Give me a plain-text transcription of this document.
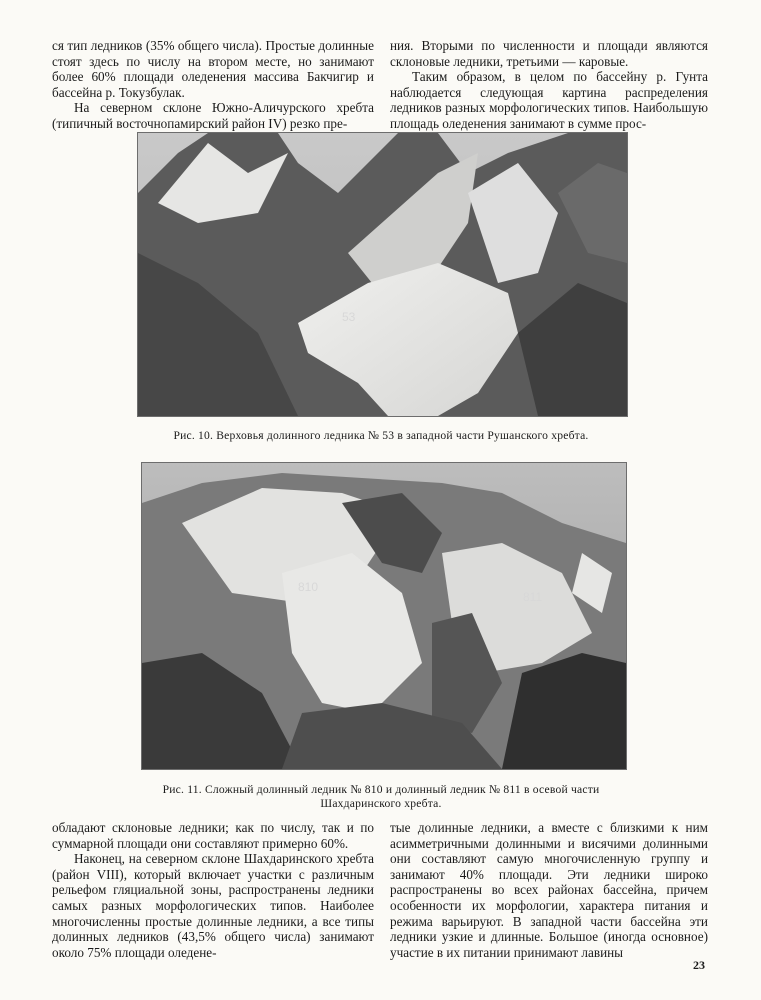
ся тип ледников (35% общего числа). Простые долинные стоят здесь по числу на втором месте, но занимают более 60% площади оледенения массива Бакчигир и бассейна р. Токузбулак.

На северном склоне Южно-Аличурского хребта (типичный восточнопамирский район IV) резко пре-

ния. Вторыми по численности и площади являются склоновые ледники, третьими — каровые.

Таким образом, в целом по бассейну р. Гунта наблюдается следующая картина распределения ледников разных морфологических типов. Наибольшую площадь оледенения занимают в сумме прос-

53
Рис. 10. Верховья долинного ледника № 53 в западной части Рушанского хребта.
810
811
Рис. 11. Сложный долинный ледник № 810 и долинный ледник № 811 в осевой части
Шахдаринского хребта.

обладают склоновые ледники; как по числу, так и по суммарной площади они составляют примерно 60%.

Наконец, на северном склоне Шахдаринского хребта (район VIII), который включает участки с различным рельефом гляциальной зоны, распространены ледники самых разных морфологических типов. Наиболее многочисленны простые долинные ледники, а все типы долинных ледников (43,5% общего числа) занимают около 75% площади оледене-

тые долинные ледники, а вместе с близкими к ним асимметричными долинными и висячими долинными они составляют самую многочисленную группу и занимают 40% площади. Эти ледники широко распространены во всех районах бассейна, причем особенности их морфологии, характера питания и режима варьируют. В западной части бассейна эти ледники узкие и длинные. Большое (иногда основное) участие в их питании принимают лавины

23
